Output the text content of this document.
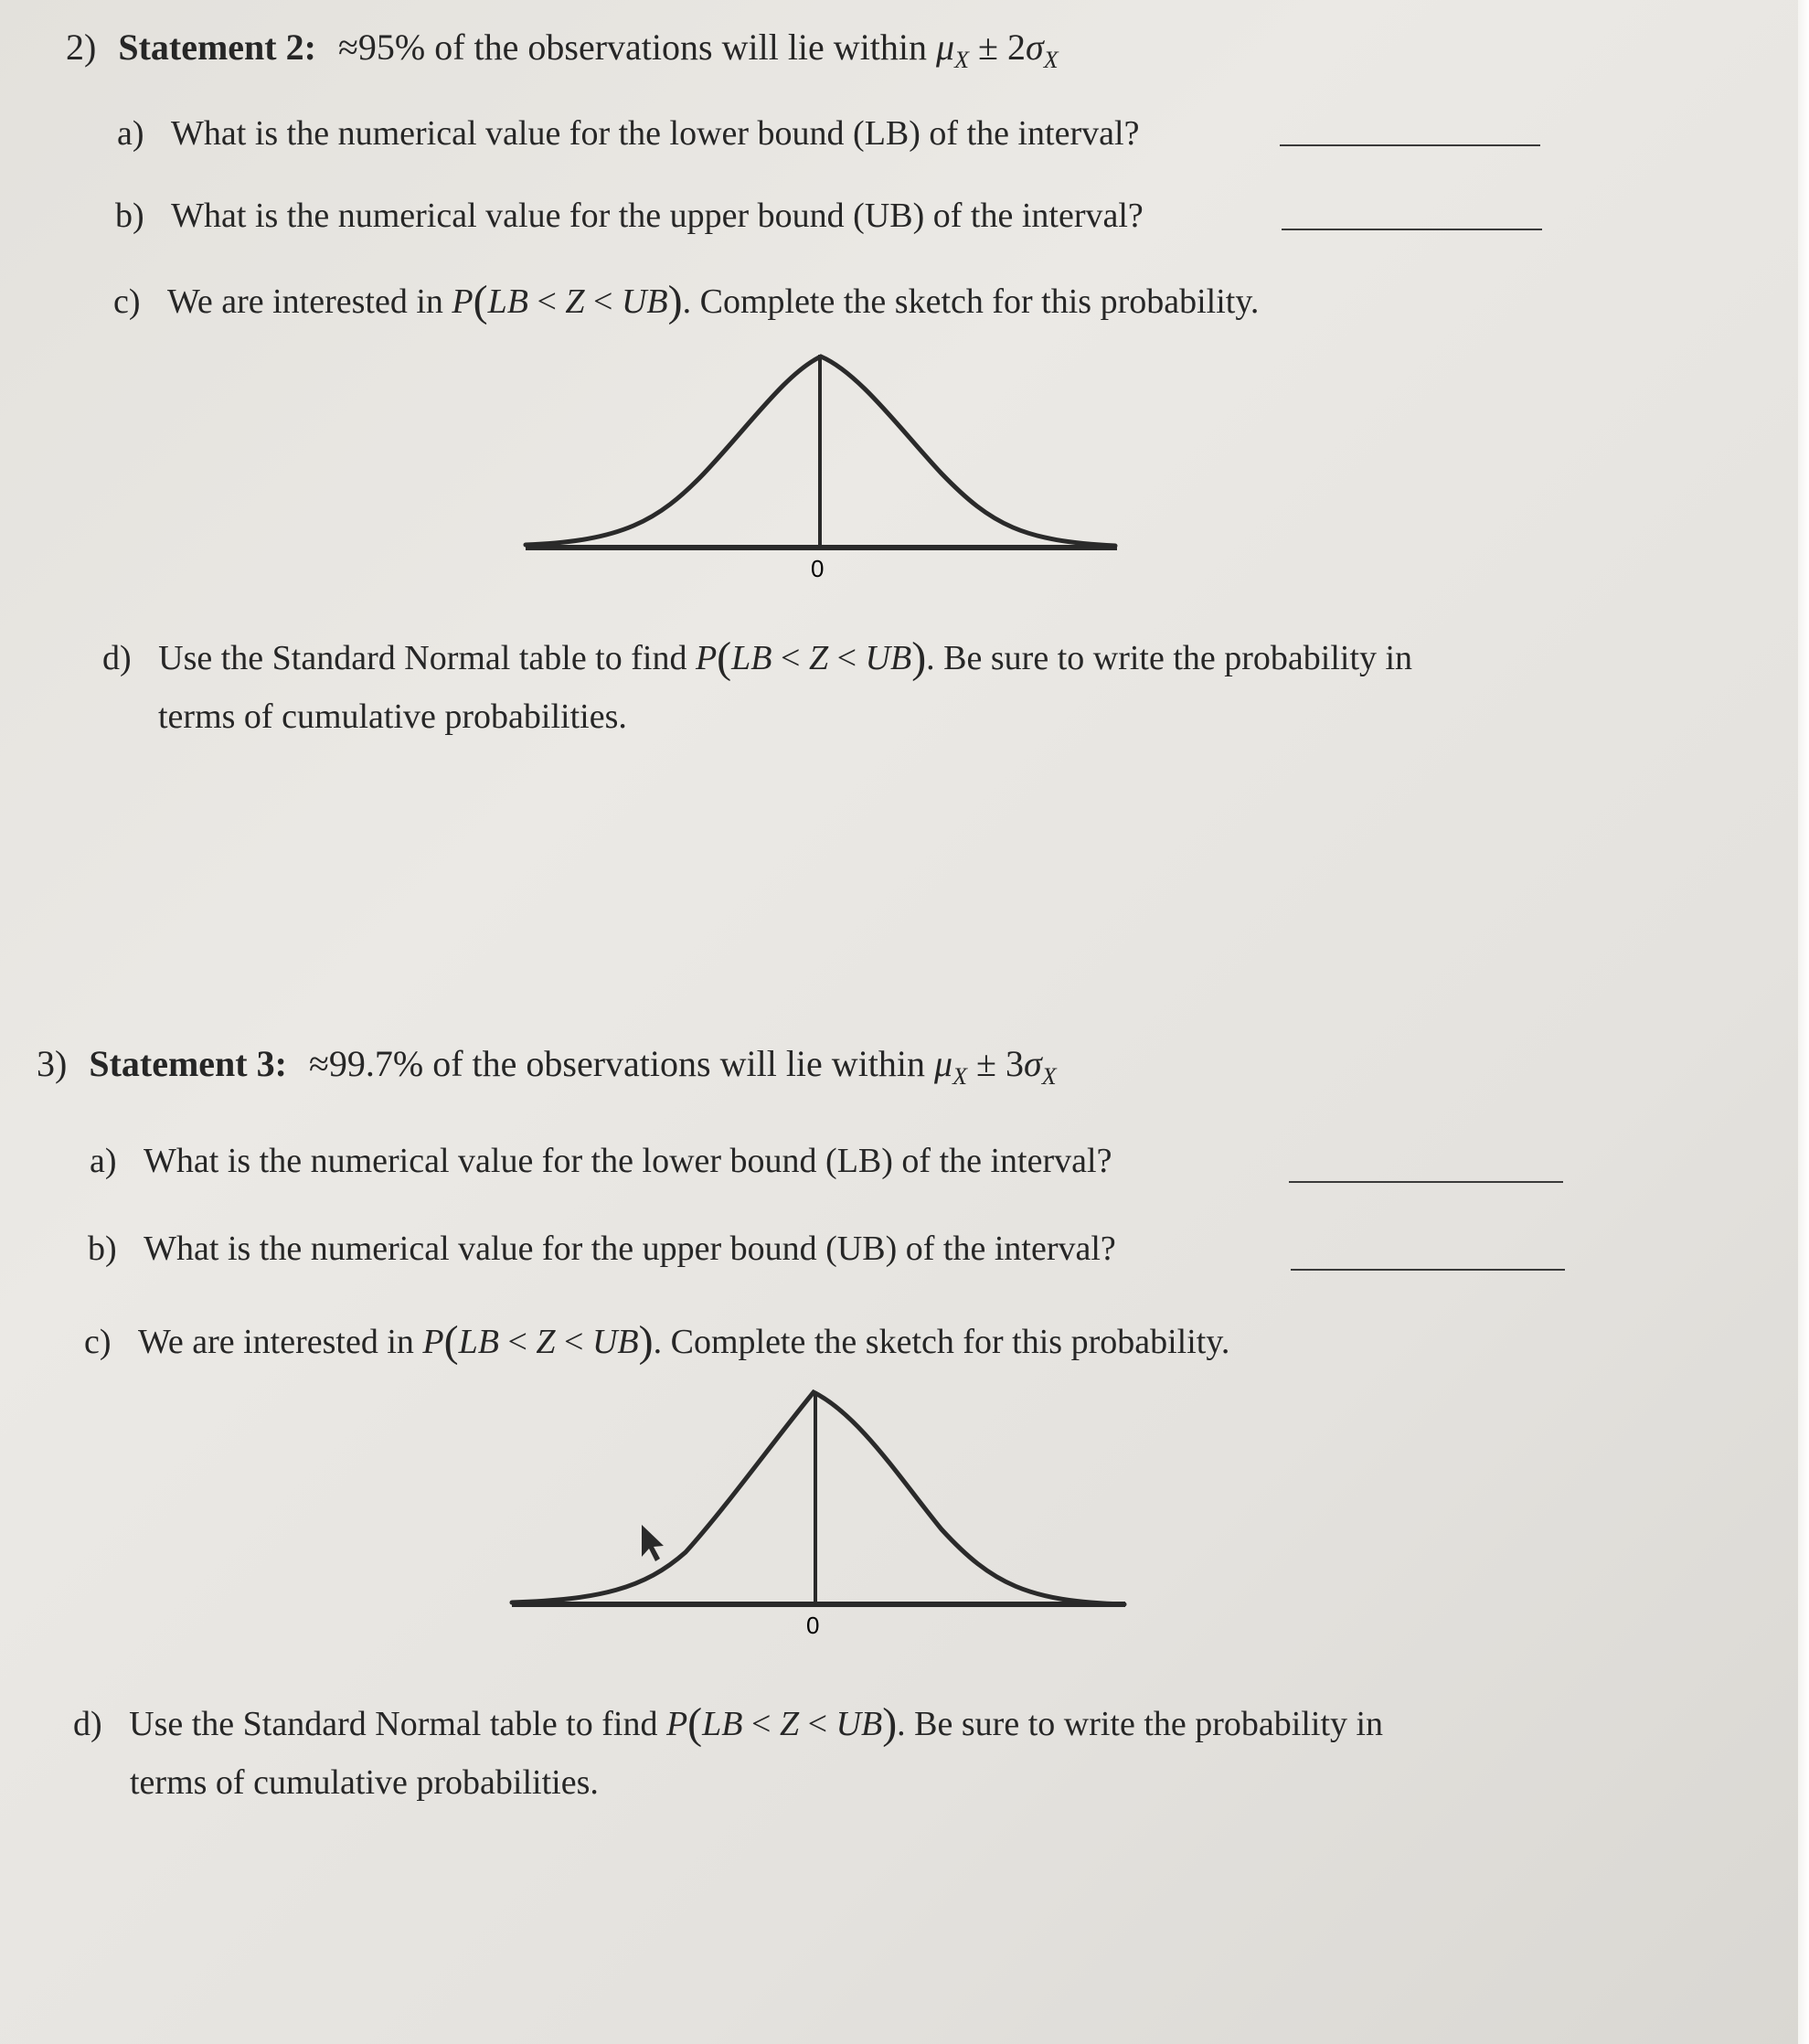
2) Statement 2: ≈95% of the observations will lie within $\mu_X \pm 2\sigma_X$
a) What is the numerical value for the lower bound (LB) of the interval?
b) What is the numerical value for the upper bound (UB) of the interval?
c) We are interested in P(LB < Z < UB). Complete the sketch for this probability.
0
d) Use the Standard Normal table to find P(LB < Z < UB). Be sure to write the probability in
terms of cumulative probabilities.
3) Statement 3: ≈99.7% of the observations will lie within $\mu_X \pm 3\sigma_X$
a) What is the numerical value for the lower bound (LB) of the interval?
b) What is the numerical value for the upper bound (UB) of the interval?
c) We are interested in P(LB < Z < UB). Complete the sketch for this probability.
0
d) Use the Standard Normal table to find P(LB < Z < UB). Be sure to write the probability in
terms of cumulative probabilities.
